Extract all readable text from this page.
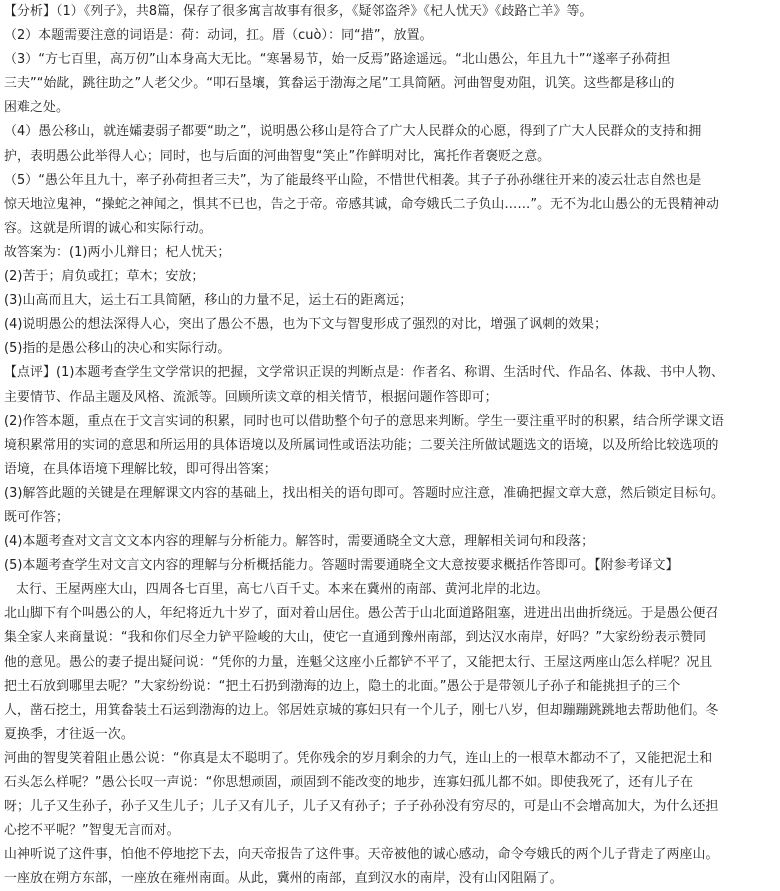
【分析】（1）《列子》，共8篇，保存了很多寓言故事有很多，《疑邻盗斧》《杞人忧天》《歧路亡羊》等。
（2）本题需要注意的词语是：荷：动词，扛。厝（cuò）：同“措”，放置。
（3）“方七百里，高万仞”山本身高大无比。“寒暑易节，始一反焉”路途遥远。“北山愚公，年且九十”“遂率子孙荷担
三夫”“始龀，跳往助之”人老父少。“叩石垦壤，箕畚运于渤海之尾”工具简陋。河曲智叟劝阻，讥笑。这些都是移山的
困难之处。
（4）愚公移山，就连孀妻弱子都要“助之”，说明愚公移山是符合了广大人民群众的心愿，得到了广大人民群众的支持和拥
护，表明愚公此举得人心；同时，也与后面的河曲智叟“笑止”作鲜明对比，寓托作者褒贬之意。
（5）“愚公年且九十，率子孙荷担者三夫”，为了能最终平山险，不惜世代相袭。其子子孙孙继往开来的凌云壮志自然也是
惊天地泣鬼神，“操蛇之神闻之，惧其不已也，告之于帝。帝感其诚，命夸娥氏二子负山……”。无不为北山愚公的无畏精神动
容。这就是所谓的诚心和实际行动。
故答案为：(1)两小儿辩日；杞人忧天；
(2)苦于；肩负或扛；草木；安放；
(3)山高而且大，运土石工具简陋，移山的力量不足，运土石的距离远；
(4)说明愚公的想法深得人心，突出了愚公不愚，也为下文与智叟形成了强烈的对比，增强了讽刺的效果；
(5)指的是愚公移山的决心和实际行动。
【点评】(1)本题考查学生文学常识的把握，文学常识正误的判断点是：作者名、称谓、生活时代、作品名、体裁、书中人物、
主要情节、作品主题及风格、流派等。回顾所读文章的相关情节，根据问题作答即可；
(2)作答本题，重点在于文言实词的积累，同时也可以借助整个句子的意思来判断。学生一要注重平时的积累，结合所学课文语
境积累常用的实词的意思和所运用的具体语境以及所属词性或语法功能；二要关注所做试题选文的语境，以及所给比较选项的
语境，在具体语境下理解比较，即可得出答案；
(3)解答此题的关键是在理解课文内容的基础上，找出相关的语句即可。答题时应注意，准确把握文章大意，然后锁定目标句。
既可作答；
(4)本题考查对文言文文本内容的理解与分析能力。解答时，需要通晓全文大意，理解相关词句和段落；
(5)本题考查学生对文言文内容的理解与分析概括能力。答题时需要通晓全文大意按要求概括作答即可。【附参考译文】
太行、王屋两座大山，四周各七百里，高七八百千丈。本来在冀州的南部、黄河北岸的北边。
北山脚下有个叫愚公的人，年纪将近九十岁了，面对着山居住。愚公苦于山北面道路阻塞，进进出出曲折绕远。于是愚公便召
集全家人来商量说：“我和你们尽全力铲平险峻的大山，使它一直通到豫州南部，到达汉水南岸，好吗？”大家纷纷表示赞同
他的意见。愚公的妻子提出疑问说：“凭你的力量，连魁父这座小丘都铲不平了，又能把太行、王屋这两座山怎么样呢？况且
把土石放到哪里去呢？”大家纷纷说：“把土石扔到渤海的边上，隐土的北面。”愚公于是带领儿子孙子和能挑担子的三个
人，凿石挖土，用箕畚装土石运到渤海的边上。邻居姓京城的寡妇只有一个儿子，刚七八岁，但却蹦蹦跳跳地去帮助他们。冬
夏换季，才往返一次。
河曲的智叟笑着阻止愚公说：“你真是太不聪明了。凭你残余的岁月剩余的力气，连山上的一根草木都动不了，又能把泥土和
石头怎么样呢？”愚公长叹一声说：“你思想顽固，顽固到不能改变的地步，连寡妇孤儿都不如。即使我死了，还有儿子在
呀；儿子又生孙子，孙子又生儿子；儿子又有儿子，儿子又有孙子；子子孙孙没有穷尽的，可是山不会增高加大，为什么还担
心挖不平呢？”智叟无言而对。
山神听说了这件事，怕他不停地挖下去，向天帝报告了这件事。天帝被他的诚心感动，命令夸娥氏的两个儿子背走了两座山。
一座放在朔方东部，一座放在雍州南面。从此，冀州的南部，直到汉水的南岸，没有山冈阻隔了。
